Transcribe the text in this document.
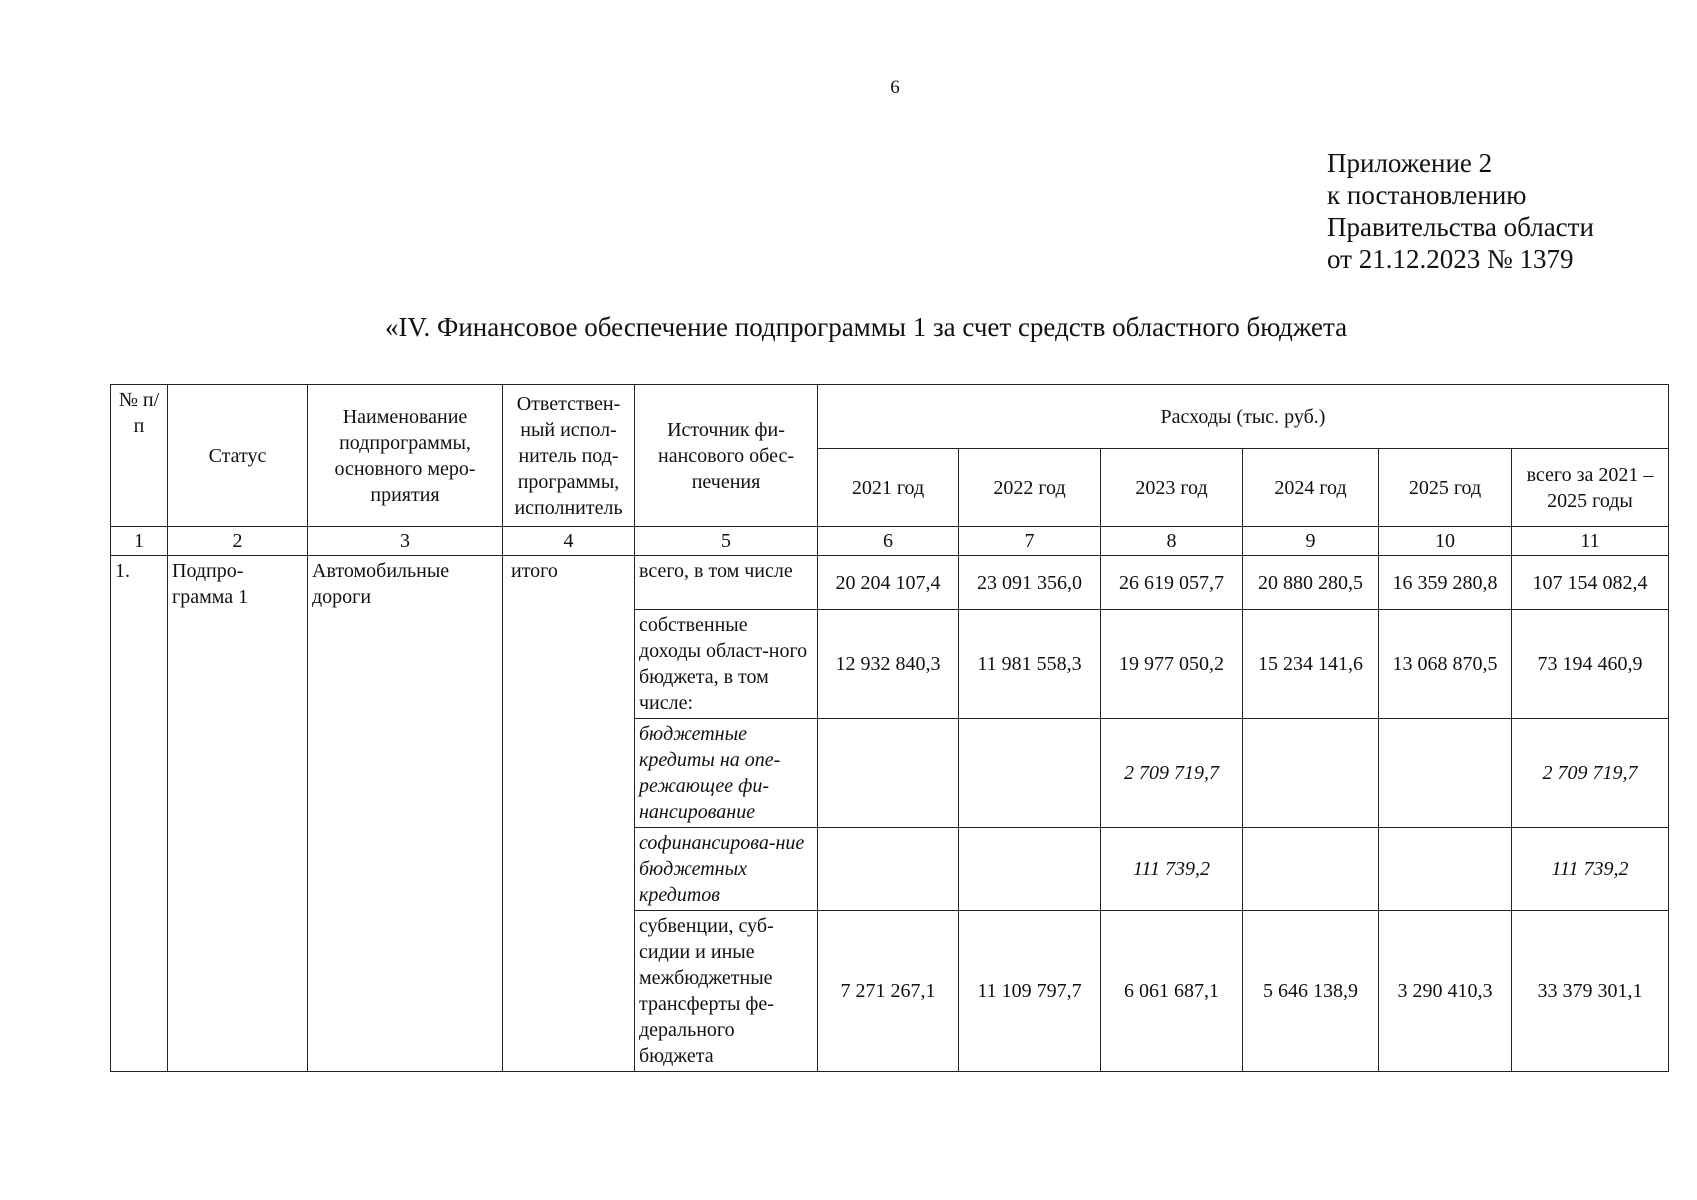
6
Приложение 2
к постановлению
Правительства области
от 21.12.2023 № 1379
«IV. Финансовое обеспечение подпрограммы 1 за счет средств областного бюджета
№ п/п	Статус	Наименование подпрограммы, основного меро-приятия	Ответствен-ный испол-нитель под-программы, исполнитель	Источник фи-нансового обес-печения	Расходы (тыс. руб.)					
					2021 год	2022 год	2023 год	2024 год	2025 год	всего за 2021 – 2025 годы
1	2	3	4	5	6	7	8	9	10	11
1.	Подпро-грамма 1	Автомобильные дороги	итого	всего, в том числе	20 204 107,4	23 091 356,0	26 619 057,7	20 880 280,5	16 359 280,8	107 154 082,4
				собственные доходы област-ного бюджета, в том числе:	12 932 840,3	11 981 558,3	19 977 050,2	15 234 141,6	13 068 870,5	73 194 460,9
				бюджетные кредиты на опе-режающее фи-нансирование			2 709 719,7			2 709 719,7
				софинансирова-ние бюджетных кредитов			111 739,2			111 739,2
				субвенции, суб-сидии и иные межбюджетные трансферты фе-дерального бюджета	7 271 267,1	11 109 797,7	6 061 687,1	5 646 138,9	3 290 410,3	33 379 301,1
